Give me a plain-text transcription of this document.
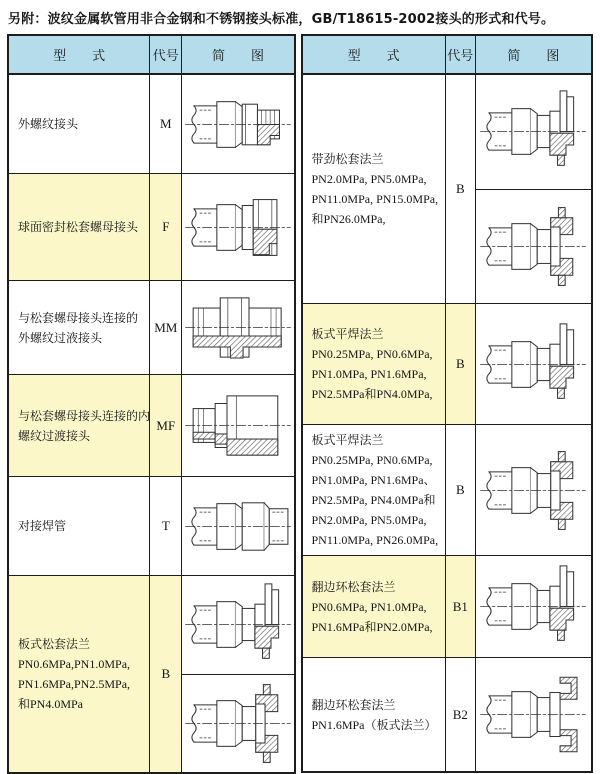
另附：波纹金属软管用非合金钢和不锈钢接头标准，GB/T18615-2002接头的形式和代号。
型　　式	代号	简　　图

外螺纹接头	M	

球面密封松套螺母接头	F	

与松套螺母接头连接的
外螺纹过液接头	MM	

与松套螺母接头连接的内
螺纹过渡接头	MF	

对接焊管	T	

板式松套法兰
PN0.6MPa,PN1.0MPa,
PN1.6MPa,PN2.5MPa,
和PN4.0MPa	B	
型　　式	代号	简　　图

带劲松套法兰
PN2.0MPa, PN5.0MPa,
PN11.0MPa, PN15.0MPa,
和PN26.0MPa,	B	

板式平焊法兰
PN0.25MPa, PN0.6MPa,
PN1.0MPa, PN1.6MPa,
PN2.5MPa和PN4.0MPa,	B	

板式平焊法兰
PN0.25MPa, PN0.6MPa,
PN1.0MPa, PN1.6MPa、
PN2.5MPa, PN4.0MPa和
PN2.0MPa, PN5.0MPa,
PN11.0MPa, PN26.0MPa,
	B	

翻边环松套法兰
PN0.6MPa, PN1.0MPa,
PN1.6MPa和PN2.0MPa,	B1	

翻边环松套法兰
PN1.6MPa（板式法兰）	B2	
